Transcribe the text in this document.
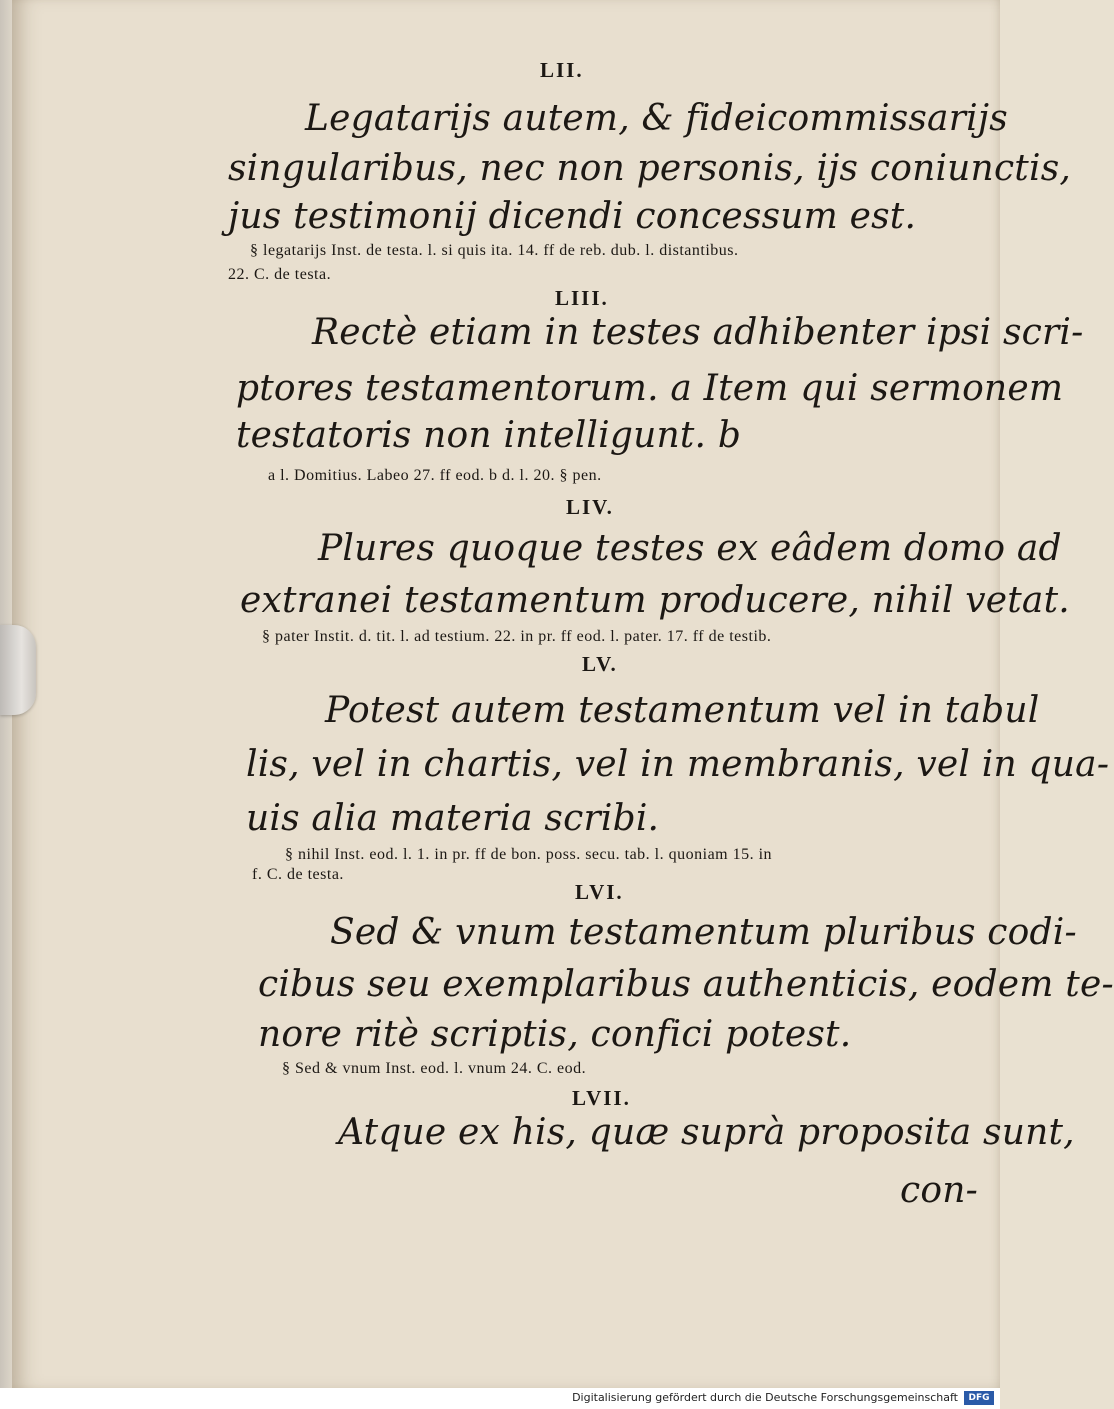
LII.
Legatarijs autem, & fideicommissarijs
singularibus, nec non personis, ijs coniunctis,
jus testimonij dicendi concessum est.
§ legatarijs Inst. de testa. l. si quis ita. 14. ff de reb. dub. l. distantibus.
22. C. de testa.
LIII.
Rectè etiam in testes adhibenter ipsi scri-
ptores testamentorum. a Item qui sermonem
testatoris non intelligunt. b
a l. Domitius. Labeo 27. ff eod. b d. l. 20. § pen.
LIV.
Plures quoque testes ex eâdem domo ad
extranei testamentum producere, nihil vetat.
§ pater Instit. d. tit. l. ad testium. 22. in pr. ff eod. l. pater. 17. ff de testib.
LV.
Potest autem testamentum vel in tabul
lis, vel in chartis, vel in membranis, vel in qua-
uis alia materia scribi.
§ nihil Inst. eod. l. 1. in pr. ff de bon. poss. secu. tab. l. quoniam 15. in
f. C. de testa.
LVI.
Sed & vnum testamentum pluribus codi-
cibus seu exemplaribus authenticis, eodem te-
nore ritè scriptis, confici potest.
§ Sed & vnum Inst. eod. l. vnum 24. C. eod.
LVII.
Atque ex his, quæ suprà proposita sunt,
con-
Digitalisierung gefördert durch die Deutsche Forschungsgemeinschaft	DFG
